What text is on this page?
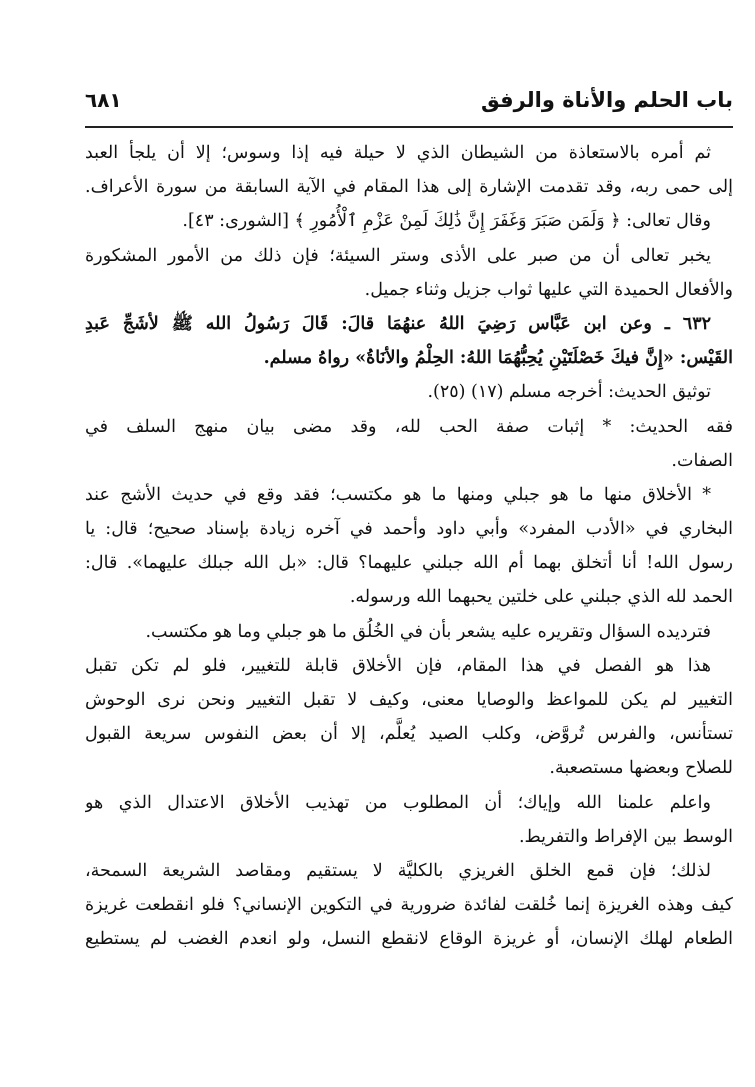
باب الحلم والأناة والرفق
٦٨١
ثم أمره بالاستعاذة من الشيطان الذي لا حيلة فيه إذا وسوس؛ إلا أن يلجأ العبد
إلى حمى ربه، وقد تقدمت الإشارة إلى هذا المقام في الآية السابقة من سورة الأعراف.
وقال تعالى: ﴿ وَلَمَن صَبَرَ وَغَفَرَ إِنَّ ذَٰلِكَ لَمِنْ عَزْمِ ٱلْأُمُورِ ﴾ [الشورى: ٤٣].
يخبر تعالى أن من صبر على الأذى وستر السيئة؛ فإن ذلك من الأمور المشكورة
والأفعال الحميدة التي عليها ثواب جزيل وثناء جميل.
٦٣٢ ـ وعن ابن عَبَّاس رَضِيَ اللهُ عنهُمَا قالَ: قَالَ رَسُولُ الله ﷺ لأشَجِّ عَبدِ
القَيْس: «إِنَّ فيكَ خَصْلَتَيْنِ يُحِبُّهُمَا اللهُ: الحِلْمُ والأنَاةُ» رواهُ مسلم.
توثيق الحديث: أخرجه مسلم (١٧) (٢٥).
فقه الحديث: * إثبات صفة الحب لله، وقد مضى بيان منهج السلف في
الصفات.
* الأخلاق منها ما هو جبلي ومنها ما هو مكتسب؛ فقد وقع في حديث الأشج عند
البخاري في «الأدب المفرد» وأبي داود وأحمد في آخره زيادة بإسناد صحيح؛ قال: يا
رسول الله! أنا أتخلق بهما أم الله جبلني عليهما؟ قال: «بل الله جبلك عليهما». قال:
الحمد لله الذي جبلني على خلتين يحبهما الله ورسوله.
فترديده السؤال وتقريره عليه يشعر بأن في الخُلُق ما هو جبلي وما هو مكتسب.
هذا هو الفصل في هذا المقام، فإن الأخلاق قابلة للتغيير، فلو لم تكن تقبل
التغيير لم يكن للمواعظ والوصايا معنى، وكيف لا تقبل التغيير ونحن نرى الوحوش
تستأنس، والفرس تُروَّض، وكلب الصيد يُعلَّم، إلا أن بعض النفوس سريعة القبول
للصلاح وبعضها مستصعبة.
واعلم علمنا الله وإياك؛ أن المطلوب من تهذيب الأخلاق الاعتدال الذي هو
الوسط بين الإفراط والتفريط.
لذلك؛ فإن قمع الخلق الغريزي بالكليَّة لا يستقيم ومقاصد الشريعة السمحة،
كيف وهذه الغريزة إنما خُلقت لفائدة ضرورية في التكوين الإنساني؟ فلو انقطعت غريزة
الطعام لهلك الإنسان، أو غريزة الوقاع لانقطع النسل، ولو انعدم الغضب لم يستطيع
